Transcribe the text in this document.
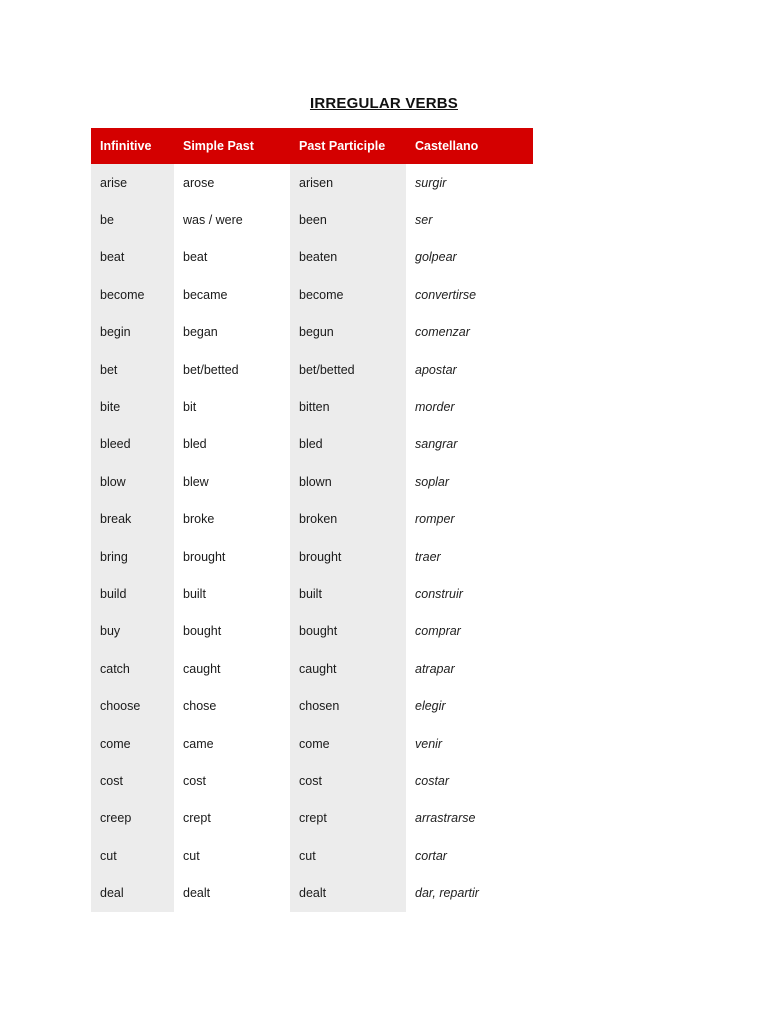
IRREGULAR VERBS
Infinitive	Simple Past	Past Participle	Castellano
arise	arose	arisen	surgir
be	was / were	been	ser
beat	beat	beaten	golpear
become	became	become	convertirse
begin	began	begun	comenzar
bet	bet/betted	bet/betted	apostar
bite	bit	bitten	morder
bleed	bled	bled	sangrar
blow	blew	blown	soplar
break	broke	broken	romper
bring	brought	brought	traer
build	built	built	construir
buy	bought	bought	comprar
catch	caught	caught	atrapar
choose	chose	chosen	elegir
come	came	come	venir
cost	cost	cost	costar
creep	crept	crept	arrastrarse
cut	cut	cut	cortar
deal	dealt	dealt	dar, repartir
